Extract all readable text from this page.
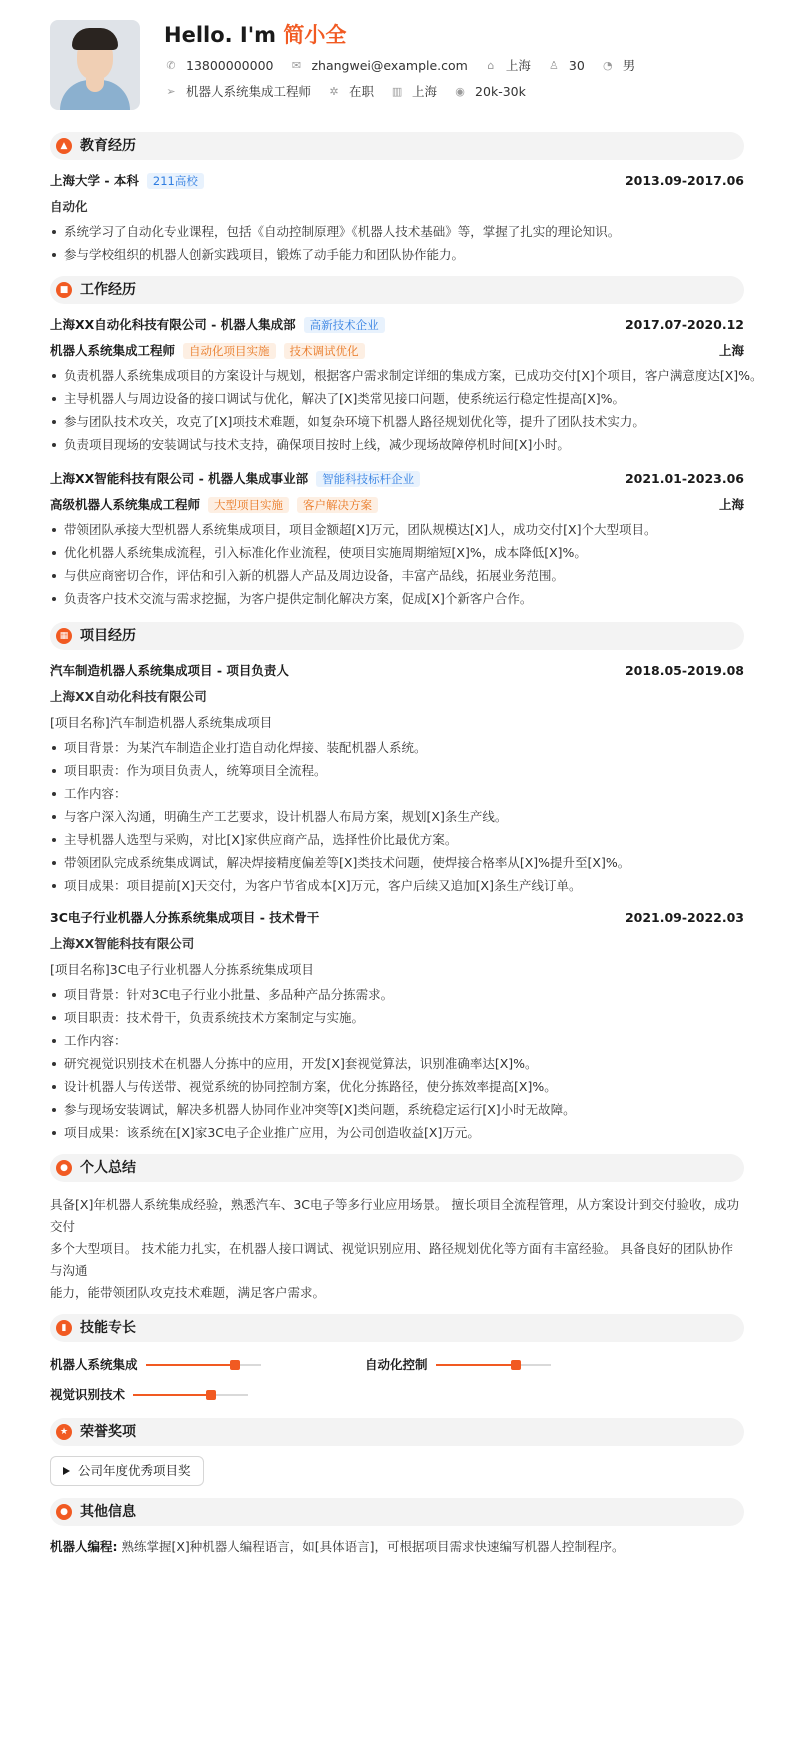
Hello. I'm 简小全
✆ 13800000000 ✉ zhangwei@example.com	⌂ 上海 ♙ 30 ◔ 男
➢ 机器人系统集成工程师 ✲ 在职 ▥ 上海 ◉ 20k-30k
▲ 教育经历
上海大学 - 本科	211高校	2013.09-2017.06
自动化
系统学习了自动化专业课程，包括《自动控制原理》《机器人技术基础》等，掌握了扎实的理论知识。
参与学校组织的机器人创新实践项目，锻炼了动手能力和团队协作能力。
■ 工作经历
上海XX自动化科技有限公司 - 机器人集成部	高新技术企业	2017.07-2020.12
机器人系统集成工程师	自动化项目实施	技术调试优化	上海
负责机器人系统集成项目的方案设计与规划，根据客户需求制定详细的集成方案，已成功交付[X]个项目，客户满意度达[X]%。
主导机器人与周边设备的接口调试与优化，解决了[X]类常见接口问题，使系统运行稳定性提高[X]%。
参与团队技术攻关，攻克了[X]项技术难题，如复杂环境下机器人路径规划优化等，提升了团队技术实力。
负责项目现场的安装调试与技术支持，确保项目按时上线，减少现场故障停机时间[X]小时。
上海XX智能科技有限公司 - 机器人集成事业部	智能科技标杆企业	2021.01-2023.06
高级机器人系统集成工程师	大型项目实施	客户解决方案	上海
带领团队承接大型机器人系统集成项目，项目金额超[X]万元，团队规模达[X]人，成功交付[X]个大型项目。
优化机器人系统集成流程，引入标准化作业流程，使项目实施周期缩短[X]%，成本降低[X]%。
与供应商密切合作，评估和引入新的机器人产品及周边设备，丰富产品线，拓展业务范围。
负责客户技术交流与需求挖掘，为客户提供定制化解决方案，促成[X]个新客户合作。
▦ 项目经历
汽车制造机器人系统集成项目 - 项目负责人	2018.05-2019.08
上海XX自动化科技有限公司
[项目名称]汽车制造机器人系统集成项目
项目背景：为某汽车制造企业打造自动化焊接、装配机器人系统。
项目职责：作为项目负责人，统筹项目全流程。
工作内容：
与客户深入沟通，明确生产工艺要求，设计机器人布局方案，规划[X]条生产线。
主导机器人选型与采购，对比[X]家供应商产品，选择性价比最优方案。
带领团队完成系统集成调试，解决焊接精度偏差等[X]类技术问题，使焊接合格率从[X]%提升至[X]%。
项目成果：项目提前[X]天交付，为客户节省成本[X]万元，客户后续又追加[X]条生产线订单。
3C电子行业机器人分拣系统集成项目 - 技术骨干	2021.09-2022.03
上海XX智能科技有限公司
[项目名称]3C电子行业机器人分拣系统集成项目
项目背景：针对3C电子行业小批量、多品种产品分拣需求。
项目职责：技术骨干，负责系统技术方案制定与实施。
工作内容：
研究视觉识别技术在机器人分拣中的应用，开发[X]套视觉算法，识别准确率达[X]%。
设计机器人与传送带、视觉系统的协同控制方案，优化分拣路径，使分拣效率提高[X]%。
参与现场安装调试，解决多机器人协同作业冲突等[X]类问题，系统稳定运行[X]小时无故障。
项目成果：该系统在[X]家3C电子企业推广应用，为公司创造收益[X]万元。
● 个人总结
具备[X]年机器人系统集成经验，熟悉汽车、3C电子等多行业应用场景。 擅长项目全流程管理，从方案设计到交付验收，成功交付
多个大型项目。 技术能力扎实，在机器人接口调试、视觉识别应用、路径规划优化等方面有丰富经验。 具备良好的团队协作与沟通
能力，能带领团队攻克技术难题，满足客户需求。
▮ 技能专长
机器人系统集成	自动化控制
视觉识别技术
★ 荣誉奖项
公司年度优秀项目奖
● 其他信息
机器人编程: 熟练掌握[X]种机器人编程语言，如[具体语言]，可根据项目需求快速编写机器人控制程序。
